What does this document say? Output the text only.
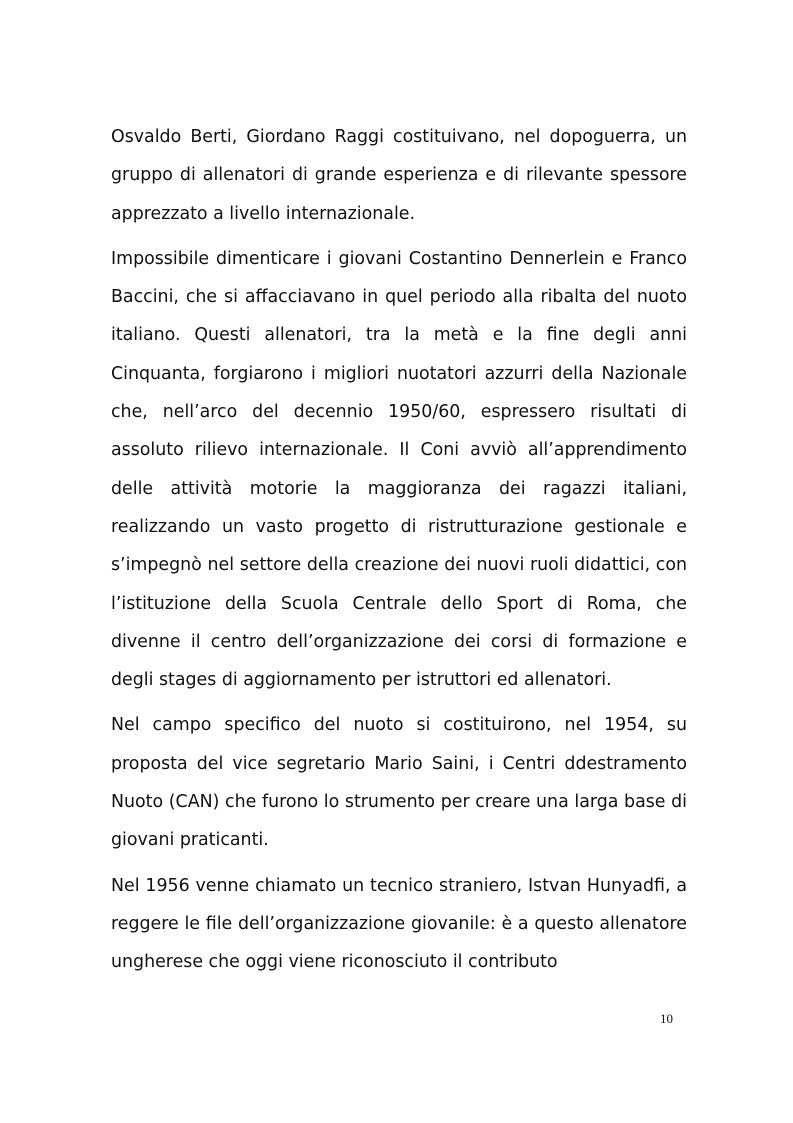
Osvaldo Berti, Giordano Raggi costituivano, nel dopoguerra, un gruppo di allenatori di grande esperienza e di rilevante spessore apprezzato a livello internazionale.

Impossibile dimenticare i giovani Costantino Dennerlein e Franco Baccini, che si affacciavano in quel periodo alla ribalta del nuoto italiano. Questi allenatori, tra la metà e la fine degli anni Cinquanta, forgiarono i migliori nuotatori azzurri della Nazionale che, nell’arco del decennio 1950/60, espressero risultati di assoluto rilievo internazionale. Il Coni avviò all’apprendimento delle attività motorie la maggioranza dei ragazzi italiani, realizzando un vasto progetto di ristrutturazione gestionale e s’impegnò nel settore della creazione dei nuovi ruoli didattici, con l’istituzione della Scuola Centrale dello Sport di Roma, che divenne il centro dell’organizzazione dei corsi di formazione e degli stages di aggiornamento per istruttori ed allenatori.

Nel campo specifico del nuoto si costituirono, nel 1954, su proposta del vice segretario Mario Saini, i Centri ddestramento Nuoto (CAN) che furono lo strumento per creare una larga base di giovani praticanti.

Nel 1956 venne chiamato un tecnico straniero, Istvan Hunyadfi, a reggere le file dell’organizzazione giovanile: è a questo allenatore ungherese che oggi viene riconosciuto il contributo

10
